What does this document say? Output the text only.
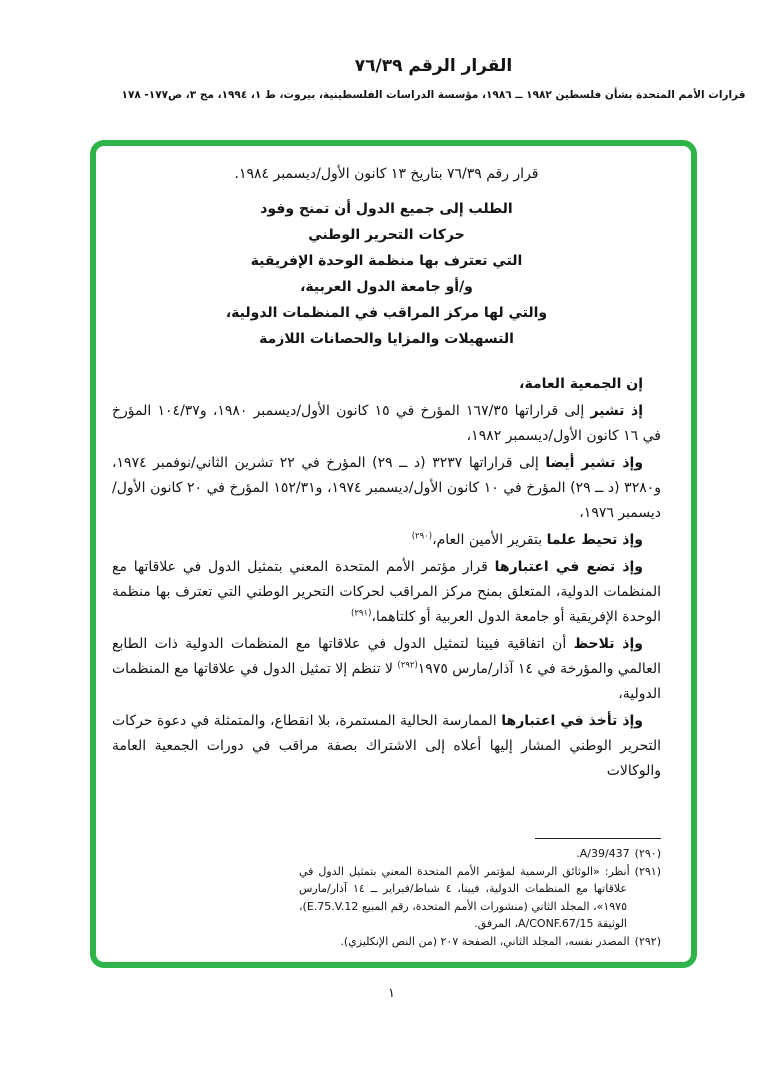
القرار الرقم ٧٦/٣٩
قرارات الأمم المتحدة بشأن فلسطين ١٩٨٢ ــ ١٩٨٦، مؤسسة الدراسات الفلسطينية، بيروت، ط ١، ١٩٩٤، مج ٣، ص١٧٧- ١٧٨
قرار رقم ٧٦/٣٩ بتاريخ ١٣ كانون الأول/ديسمبر ١٩٨٤.
الطلب إلى جميع الدول أن تمنح وفود
حركات التحرير الوطني
التي تعترف بها منظمة الوحدة الإفريقية
و/أو جامعة الدول العربية،
والتي لها مركز المراقب في المنظمات الدولية،
التسهيلات والمزايا والحصانات اللازمة
إن الجمعية العامة،

إذ تشير إلى قراراتها ١٦٧/٣٥ المؤرخ في ١٥ كانون الأول/ديسمبر ١٩٨٠، و١٠٤/٣٧ المؤرخ في ١٦ كانون الأول/ديسمبر ١٩٨٢،

وإذ تشير أيضا إلى قراراتها ٣٢٣٧ (د ــ ٢٩) المؤرخ في ٢٢ تشرين الثاني/نوفمبر ١٩٧٤، و٣٢٨٠ (د ــ ٢٩) المؤرخ في ١٠ كانون الأول/ديسمبر ١٩٧٤، و١٥٢/٣١ المؤرخ في ٢٠ كانون الأول/ديسمبر ١٩٧٦،

وإذ تحيط علما بتقرير الأمين العام،$^{(٢٩٠)}$

وإذ تضع في اعتبارها قرار مؤتمر الأمم المتحدة المعني بتمثيل الدول في علاقاتها مع المنظمات الدولية، المتعلق بمنح مركز المراقب لحركات التحرير الوطني التي تعترف بها منظمة الوحدة الإفريقية أو جامعة الدول العربية أو كلتاهما،$^{(٢٩١)}$

وإذ تلاحظ أن اتفاقية فيينا لتمثيل الدول في علاقاتها مع المنظمات الدولية ذات الطابع العالمي والمؤرخة في ١٤ آذار/مارس ١٩٧٥$^{(٢٩٢)}$ لا تنظم إلا تمثيل الدول في علاقاتها مع المنظمات الدولية،

وإذ تأخذ في اعتبارها الممارسة الحالية المستمرة، بلا انقطاع، والمتمثلة في دعوة حركات التحرير الوطني المشار إليها أعلاه إلى الاشتراك بصفة مراقب في دورات الجمعية العامة والوكالات

(٢٩٠)A/39/437.

(٢٩١)أنظر: «الوثائق الرسمية لمؤتمر الأمم المتحدة المعني بتمثيل الدول في علاقاتها مع المنظمات الدولية، فيينا، ٤ شباط/فبراير ــ ١٤ آذار/مارس ١٩٧٥»، المجلد الثاني (منشورات الأمم المتحدة، رقم المبيع E.75.V.12)، الوثيقة A/CONF.67/15، المرفق.

(٢٩٢)المصدر نفسه، المجلد الثاني، الصفحة ٢٠٧ (من النص الإنكليزي).

١
